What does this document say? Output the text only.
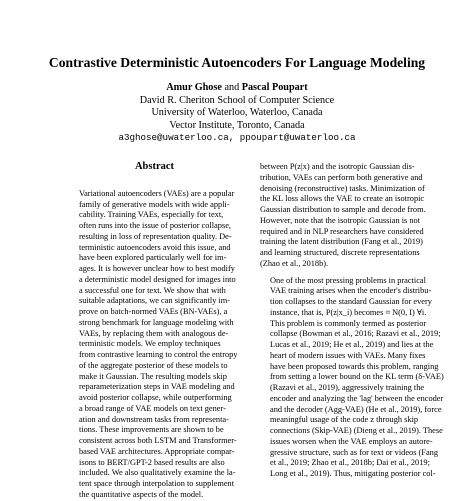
Contrastive Deterministic Autoencoders For Language Modeling
Amur Ghose and Pascal Poupart
David R. Cheriton School of Computer Science
University of Waterloo, Waterloo, Canada
Vector Institute, Toronto, Canada
a3ghose@uwaterloo.ca, ppoupart@uwaterloo.ca
Abstract
Variational autoencoders (VAEs) are a popular
family of generative models with wide appli-
cability. Training VAEs, especially for text,
often runs into the issue of posterior collapse,
resulting in loss of representation quality. De-
terministic autoencoders avoid this issue, and
have been explored particularly well for im-
ages. It is however unclear how to best modify
a deterministic model designed for images into
a successful one for text. We show that with
suitable adaptations, we can significantly im-
prove on batch-normed VAEs (BN-VAEs), a
strong benchmark for language modeling with
VAEs, by replacing them with analogous de-
terministic models. We employ techniques
from contrastive learning to control the entropy
of the aggregate posterior of these models to
make it Gaussian. The resulting models skip
reparameterization steps in VAE modeling and
avoid posterior collapse, while outperforming
a broad range of VAE models on text gener-
ation and downstream tasks from representa-
tions. These improvements are shown to be
consistent across both LSTM and Transformer-
based VAE architectures. Appropriate compar-
isons to BERT/GPT-2 based results are also
included. We also qualitatively examine the la-
tent space through interpolation to supplement
the quantitative aspects of the model.

between P(z|x) and the isotropic Gaussian dis-
tribution, VAEs can perform both generative and
denoising (reconstructive) tasks. Minimization of
the KL loss allows the VAE to create an isotropic
Gaussian distribution to sample and decode from.
However, note that the isotropic Gaussian is not
required and in NLP researchers have considered
training the latent distribution (Fang et al., 2019)
and learning structured, discrete representations
(Zhao et al., 2018b).

One of the most pressing problems in practical
VAE training arises when the encoder's distribu-
tion collapses to the standard Gaussian for every
instance, that is, P(z|x_i) becomes ≈ N(0, I) ∀i.
This problem is commonly termed as posterior
collapse (Bowman et al., 2016; Razavi et al., 2019;
Lucas et al., 2019; He et al., 2019) and lies at the
heart of modern issues with VAEs. Many fixes
have been proposed towards this problem, ranging
from setting a lower bound on the KL term (δ-VAE)
(Razavi et al., 2019), aggressively training the
encoder and analyzing the 'lag' between the encoder
and the decoder (Agg-VAE) (He et al., 2019), force
meaningful usage of the code z through skip
connections (Skip-VAE) (Dieng et al., 2019). These
issues worsen when the VAE employs an autore-
gressive structure, such as for text or videos (Fang
et al., 2019; Zhao et al., 2018b; Dai et al., 2019;
Long et al., 2019). Thus, mitigating posterior col-
